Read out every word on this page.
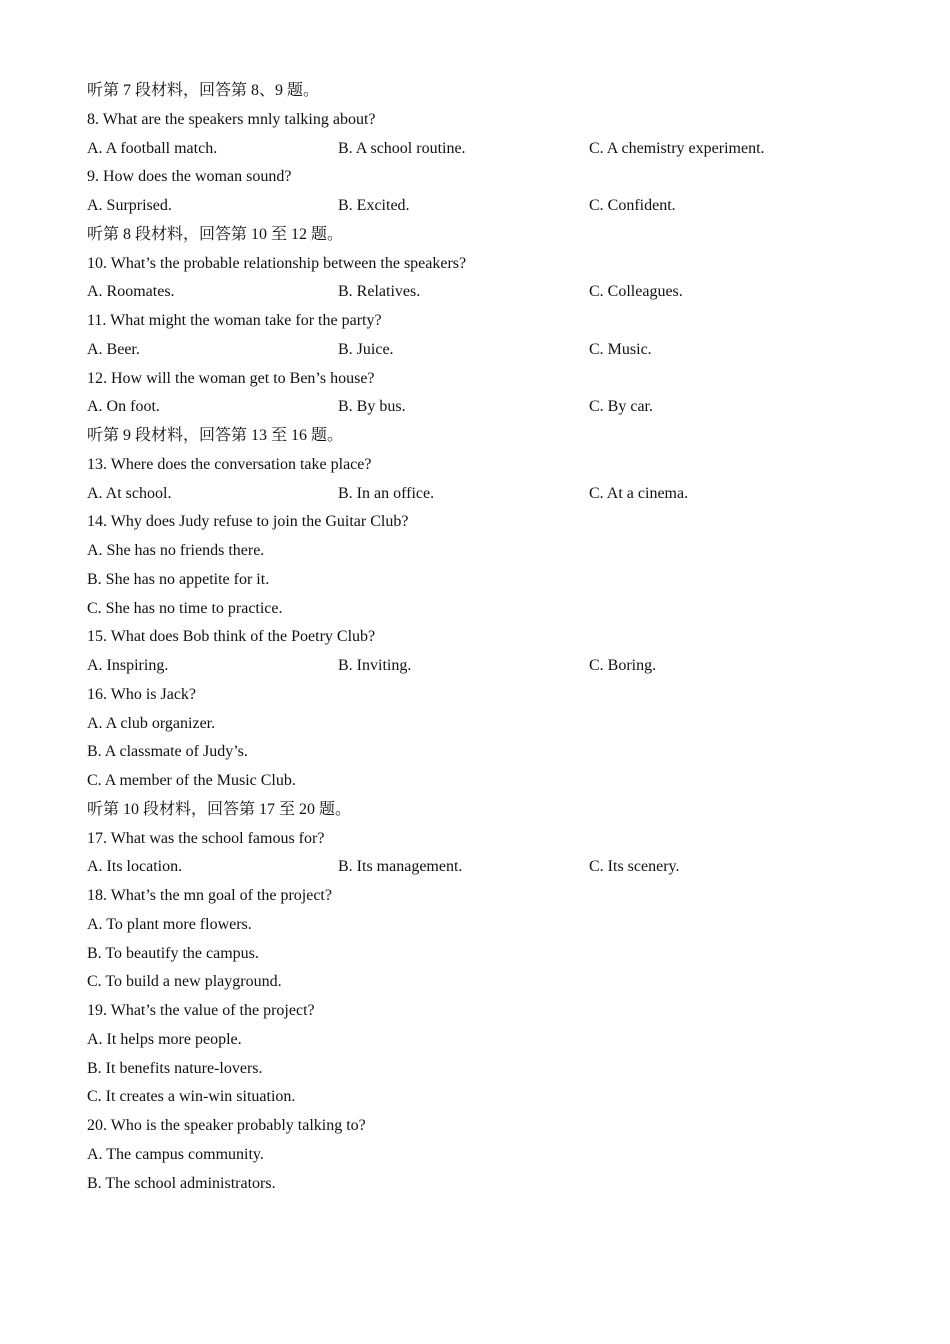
听第 7 段材料，回答第 8、9 题。
8. What are the speakers mnly talking about?
A. A football match.	B. A school routine.	C. A chemistry experiment.
9. How does the woman sound?
A. Surprised.	B. Excited.	C. Confident.
听第 8 段材料，回答第 10 至 12 题。
10. What’s the probable relationship between the speakers?
A. Roomates.	B. Relatives.	C. Colleagues.
11. What might the woman take for the party?
A. Beer.	B. Juice.	C. Music.
12. How will the woman get to Ben’s house?
A. On foot.	B. By bus.	C. By car.
听第 9 段材料，回答第 13 至 16 题。
13. Where does the conversation take place?
A. At school.	B. In an office.	C. At a cinema.
14. Why does Judy refuse to join the Guitar Club?
A. She has no friends there.
B. She has no appetite for it.
C. She has no time to practice.
15. What does Bob think of the Poetry Club?
A. Inspiring.	B. Inviting.	C. Boring.
16. Who is Jack?
A. A club organizer.
B. A classmate of Judy’s.
C. A member of the Music Club.
听第 10 段材料，回答第 17 至 20 题。
17. What was the school famous for?
A. Its location.	B. Its management.	C. Its scenery.
18. What’s the mn goal of the project?
A. To plant more flowers.
B. To beautify the campus.
C. To build a new playground.
19. What’s the value of the project?
A. It helps more people.
B. It benefits nature-lovers.
C. It creates a win-win situation.
20. Who is the speaker probably talking to?
A. The campus community.
B. The school administrators.
